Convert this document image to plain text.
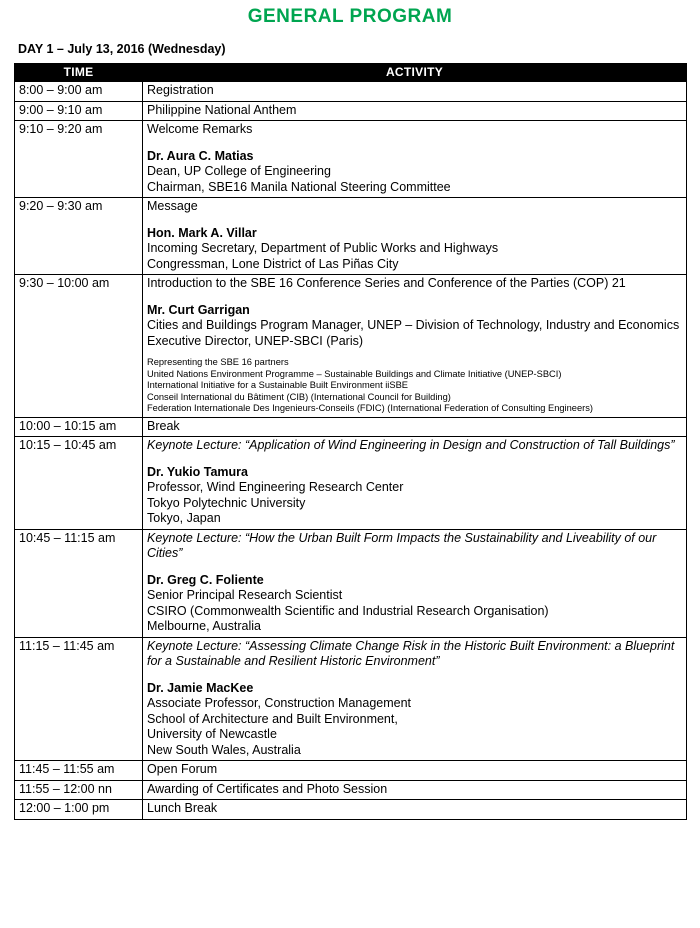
GENERAL PROGRAM
DAY 1 – July 13, 2016 (Wednesday)
TIME	ACTIVITY
8:00 – 9:00 am	Registration

9:00 – 9:10 am	Philippine National Anthem

9:10 – 9:20 am	Welcome Remarks
Dr. Aura C. Matias
Dean, UP College of Engineering
Chairman, SBE16 Manila National Steering Committee

9:20 – 9:30 am	Message
Hon. Mark A. Villar
Incoming Secretary, Department of Public Works and Highways
Congressman, Lone District of Las Piñas City

9:30 – 10:00 am	Introduction to the SBE 16 Conference Series and Conference of the Parties (COP) 21
Mr. Curt Garrigan
Cities and Buildings Program Manager, UNEP – Division of Technology, Industry and Economics
Executive Director, UNEP-SBCI (Paris)
Representing the SBE 16 partners
United Nations Environment Programme – Sustainable Buildings and Climate Initiative (UNEP-SBCI)
International Initiative for a Sustainable Built Environment iiSBE
Conseil International du Bâtiment (CIB) (International Council for Building)
Federation Internationale Des Ingenieurs-Conseils (FDIC) (International Federation of Consulting Engineers)

10:00 – 10:15 am	Break

10:15 – 10:45 am	Keynote Lecture: “Application of Wind Engineering in Design and Construction of Tall Buildings”
Dr. Yukio Tamura
Professor, Wind Engineering Research Center
Tokyo Polytechnic University
Tokyo, Japan

10:45 – 11:15 am	Keynote Lecture: “How the Urban Built Form Impacts the Sustainability and Liveability of our Cities”
Dr. Greg C. Foliente
Senior Principal Research Scientist
CSIRO (Commonwealth Scientific and Industrial Research Organisation)
Melbourne, Australia

11:15 – 11:45 am	Keynote Lecture: “Assessing Climate Change Risk in the Historic Built Environment: a Blueprint for a Sustainable and Resilient Historic Environment”
Dr. Jamie MacKee
Associate Professor, Construction Management
School of Architecture and Built Environment,
University of Newcastle
New South Wales, Australia

11:45 – 11:55 am	Open Forum

11:55 – 12:00 nn	Awarding of Certificates and Photo Session

12:00 – 1:00 pm	Lunch Break
